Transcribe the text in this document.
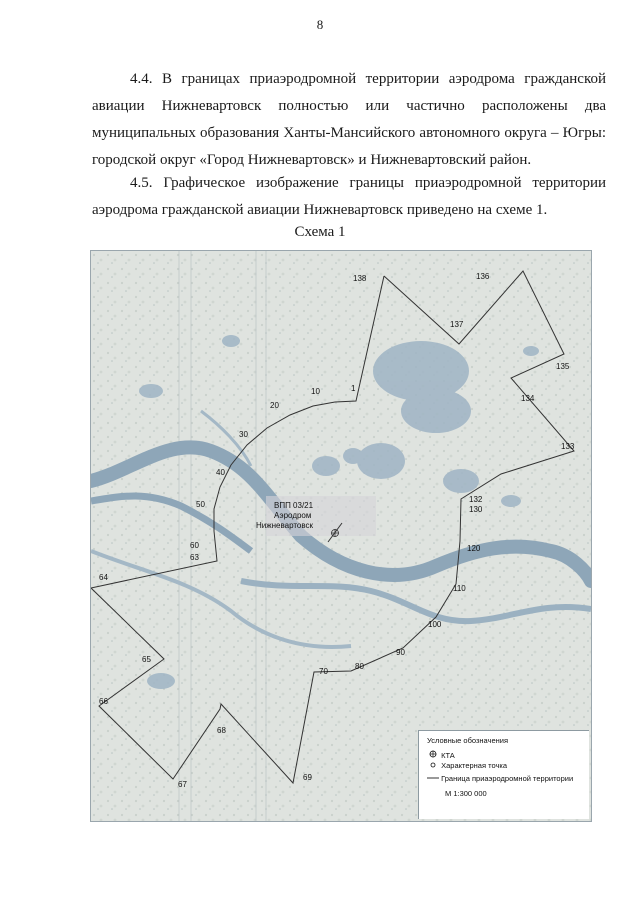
8
4.4. В границах приаэродромной территории аэродрома гражданской авиации Нижневартовск полностью или частично расположены два муниципальных образования Ханты-Мансийского автономного округа – Югры: городской округ «Город Нижневартовск» и Нижневартовский район.
4.5. Графическое изображение границы приаэродромной территории аэродрома гражданской авиации Нижневартовск приведено на схеме 1.
Схема 1
ВПП 03/21
Аэродром
Нижневартовск
1
10
20
30
40
50
60
63
64
65
66
67
68
69
70
80
90
100
110
120
130
132
133
134
135
136
137
138
Условные обозначения
КТА
Характерная точка
Граница приаэродромной территории
М 1:300 000
